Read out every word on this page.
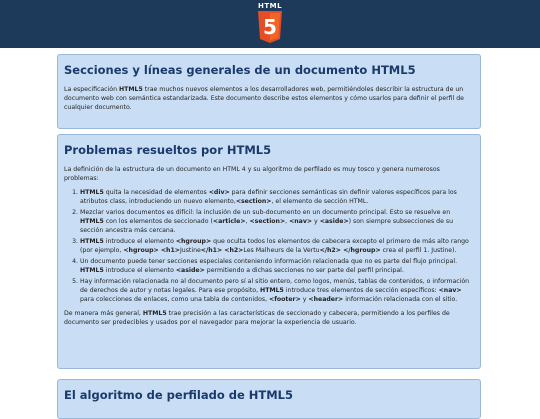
HTML
5
Secciones y líneas generales de un documento HTML5

La especificación HTML5 trae muchos nuevos elementos a los desarrolladores web, permitiéndoles describir la estructura de un documento web con semántica estandarizada. Este documento describe estos elementos y cómo usarlos para definir el perfil de cualquier documento.

Problemas resueltos por HTML5

La definición de la estructura de un documento en HTML 4 y su algoritmo de perfilado es muy tosco y genera numerosos problemas:

1. HTML5 quita la necesidad de elementos <div> para definir secciones semánticas sin definir valores específicos para los atributos class, introduciendo un nuevo elemento,<section>, el elemento de sección HTML.
2. Mezclar varios documentos es difícil: la inclusión de un sub-documento en un documento principal. Esto se resuelve en HTML5 con los elementos de seccionado (<article>, <section>, <nav> y <aside>) son siempre subsecciones de su sección ancestra más cercana.
3. HTML5 introduce el elemento <hgroup> que oculta todos los elementos de cabecera excepto el primero de más alto rango (por ejemplo, <hgroup> <h1>Justine</h1> <h2>Les Malheurs de la Vertu</h2> </hgroup> crea el perfil 1. Justine).
4. Un documento puede tener secciones especiales conteniendo información relacionada que no es parte del flujo principal. HTML5 introduce el elemento <aside> permitiendo a dichas secciones no ser parte del perfil principal.
5. Hay información relacionada no al documento pero sí al sitio entero, como logos, menús, tablas de contenidos, o información de derechos de autor y notas legales. Para ese propósito, HTML5 introduce tres elementos de sección específicos: <nav> para colecciones de enlaces, como una tabla de contenidos, <footer> y <header> información relacionada con el sitio.

De manera más general, HTML5 trae precisión a las características de seccionado y cabecera, permitiendo a los perfiles de documento ser predecibles y usados por el navegador para mejorar la experiencia de usuario.

El algoritmo de perfilado de HTML5
